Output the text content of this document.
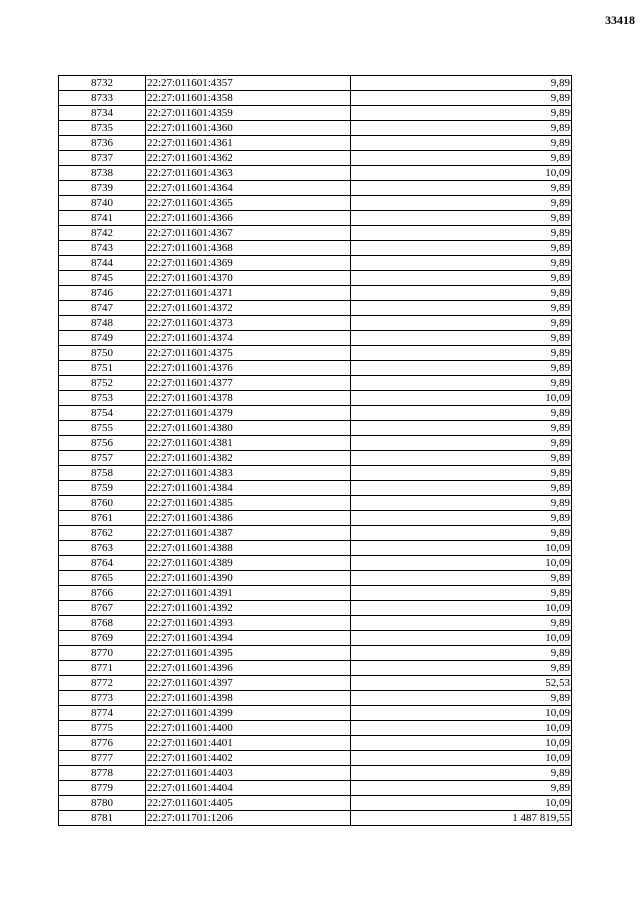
33418
8732	22:27:011601:4357	9,89
8733	22:27:011601:4358	9,89
8734	22:27:011601:4359	9,89
8735	22:27:011601:4360	9,89
8736	22:27:011601:4361	9,89
8737	22:27:011601:4362	9,89
8738	22:27:011601:4363	10,09
8739	22:27:011601:4364	9,89
8740	22:27:011601:4365	9,89
8741	22:27:011601:4366	9,89
8742	22:27:011601:4367	9,89
8743	22:27:011601:4368	9,89
8744	22:27:011601:4369	9,89
8745	22:27:011601:4370	9,89
8746	22:27:011601:4371	9,89
8747	22:27:011601:4372	9,89
8748	22:27:011601:4373	9,89
8749	22:27:011601:4374	9,89
8750	22:27:011601:4375	9,89
8751	22:27:011601:4376	9,89
8752	22:27:011601:4377	9,89
8753	22:27:011601:4378	10,09
8754	22:27:011601:4379	9,89
8755	22:27:011601:4380	9,89
8756	22:27:011601:4381	9,89
8757	22:27:011601:4382	9,89
8758	22:27:011601:4383	9,89
8759	22:27:011601:4384	9,89
8760	22:27:011601:4385	9,89
8761	22:27:011601:4386	9,89
8762	22:27:011601:4387	9,89
8763	22:27:011601:4388	10,09
8764	22:27:011601:4389	10,09
8765	22:27:011601:4390	9,89
8766	22:27:011601:4391	9,89
8767	22:27:011601:4392	10,09
8768	22:27:011601:4393	9,89
8769	22:27:011601:4394	10,09
8770	22:27:011601:4395	9,89
8771	22:27:011601:4396	9,89
8772	22:27:011601:4397	52,53
8773	22:27:011601:4398	9,89
8774	22:27:011601:4399	10,09
8775	22:27:011601:4400	10,09
8776	22:27:011601:4401	10,09
8777	22:27:011601:4402	10,09
8778	22:27:011601:4403	9,89
8779	22:27:011601:4404	9,89
8780	22:27:011601:4405	10,09
8781	22:27:011701:1206	1 487 819,55
